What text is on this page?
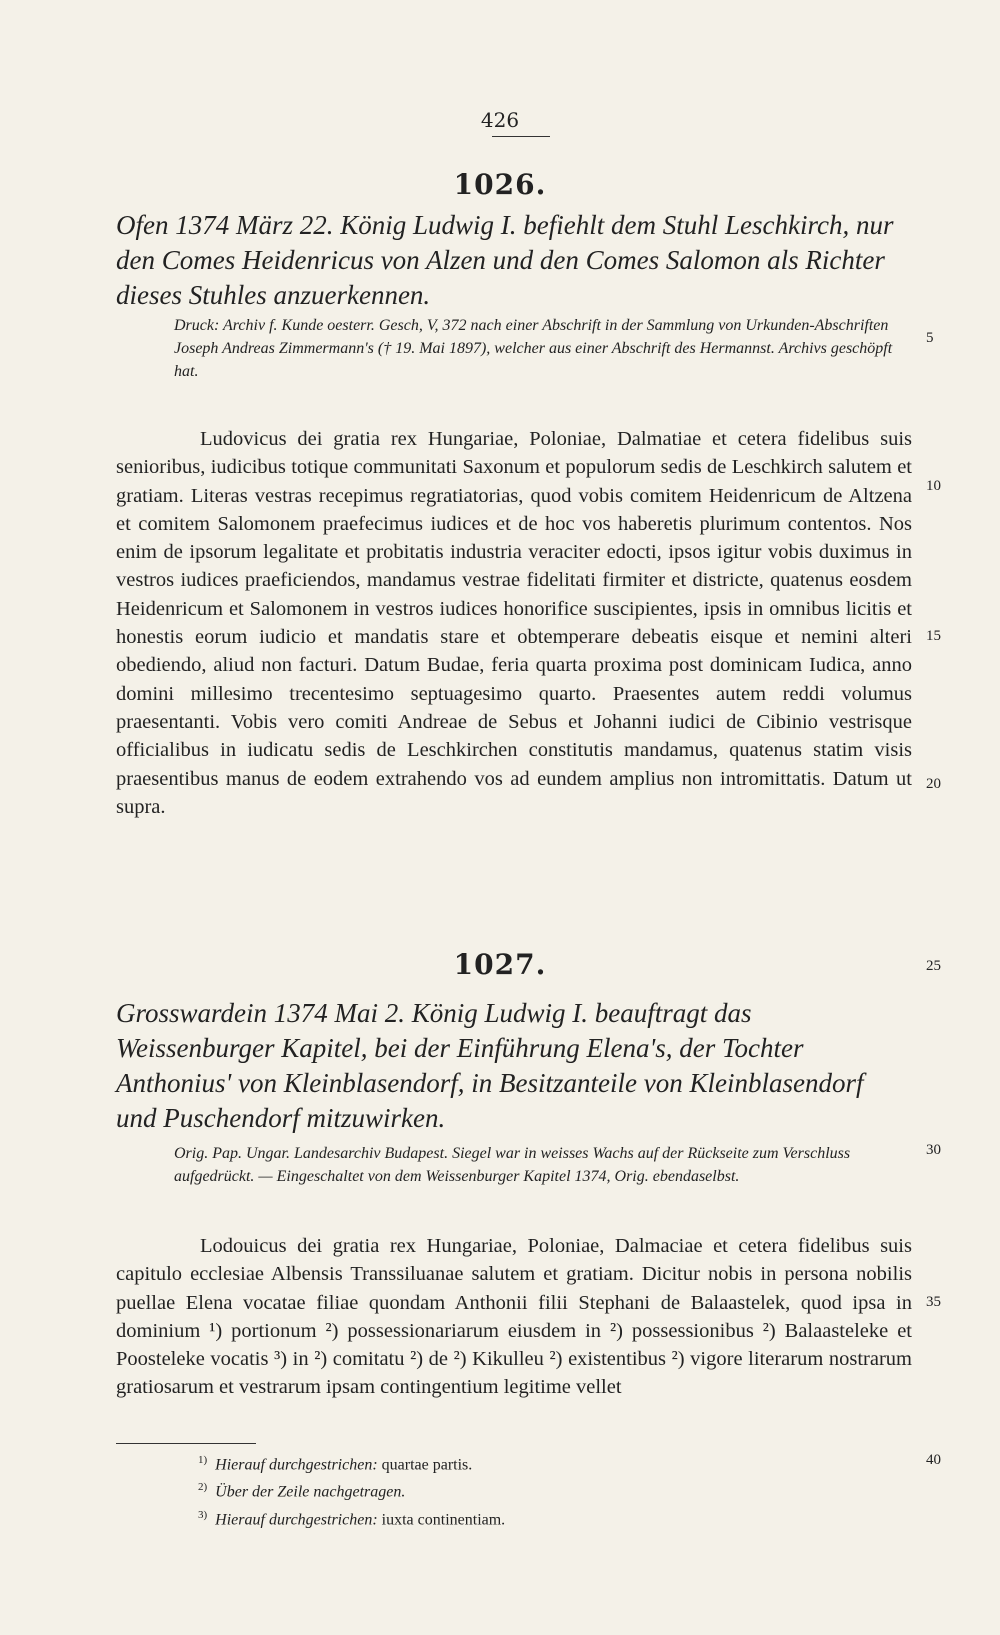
426
1026.
Ofen 1374 März 22. König Ludwig I. befiehlt dem Stuhl Leschkirch, nur den Comes Heidenricus von Alzen und den Comes Salomon als Richter dieses Stuhles anzuerkennen.
Druck: Archiv f. Kunde oesterr. Gesch, V, 372 nach einer Abschrift in der Sammlung von Urkunden-Abschriften Joseph Andreas Zimmermann's († 19. Mai 1897), welcher aus einer Abschrift des Hermannst. Archivs geschöpft hat.

Ludovicus dei gratia rex Hungariae, Poloniae, Dalmatiae et cetera fidelibus suis senioribus, iudicibus totique communitati Saxonum et populorum sedis de Leschkirch salutem et gratiam. Literas vestras recepimus regratiatorias, quod vobis comitem Heidenricum de Altzena et comitem Salomonem praefecimus iudices et de hoc vos haberetis plurimum contentos. Nos enim de ipsorum legalitate et probitatis industria veraciter edocti, ipsos igitur vobis duximus in vestros iudices praeficiendos, mandamus vestrae fidelitati firmiter et districte, quatenus eosdem Heidenricum et Salomonem in vestros iudices honorifice suscipientes, ipsis in omnibus licitis et honestis eorum iudicio et mandatis stare et obtemperare debeatis eisque et nemini alteri obediendo, aliud non facturi. Datum Budae, feria quarta proxima post dominicam Iudica, anno domini millesimo trecentesimo septuagesimo quarto. Praesentes autem reddi volumus praesentanti. Vobis vero comiti Andreae de Sebus et Johanni iudici de Cibinio vestrisque officialibus in iudicatu sedis de Leschkirchen constitutis mandamus, quatenus statim visis praesentibus manus de eodem extrahendo vos ad eundem amplius non intromittatis. Datum ut supra.

1027.
Grosswardein 1374 Mai 2. König Ludwig I. beauftragt das Weissenburger Kapitel, bei der Einführung Elena's, der Tochter Anthonius' von Kleinblasendorf, in Besitzanteile von Kleinblasendorf und Puschendorf mitzuwirken.
Orig. Pap. Ungar. Landesarchiv Budapest. Siegel war in weisses Wachs auf der Rückseite zum Verschluss aufgedrückt. — Eingeschaltet von dem Weissenburger Kapitel 1374, Orig. ebendaselbst.

Lodouicus dei gratia rex Hungariae, Poloniae, Dalmaciae et cetera fidelibus suis capitulo ecclesiae Albensis Transsiluanae salutem et gratiam. Dicitur nobis in persona nobilis puellae Elena vocatae filiae quondam Anthonii filii Stephani de Balaastelek, quod ipsa in dominium ¹) portionum ²) possessionariarum eiusdem in ²) possessionibus ²) Balaasteleke et Poosteleke vocatis ³) in ²) comitatu ²) de ²) Kikulleu ²) existentibus ²) vigore literarum nostrarum gratiosarum et vestrarum ipsam contingentium legitime vellet

$^{1)}$ Hierauf durchgestrichen: quartae partis.
$^{2)}$ Über der Zeile nachgetragen.
$^{3)}$ Hierauf durchgestrichen: iuxta continentiam.
5
10
15
20
25
30
35
40
